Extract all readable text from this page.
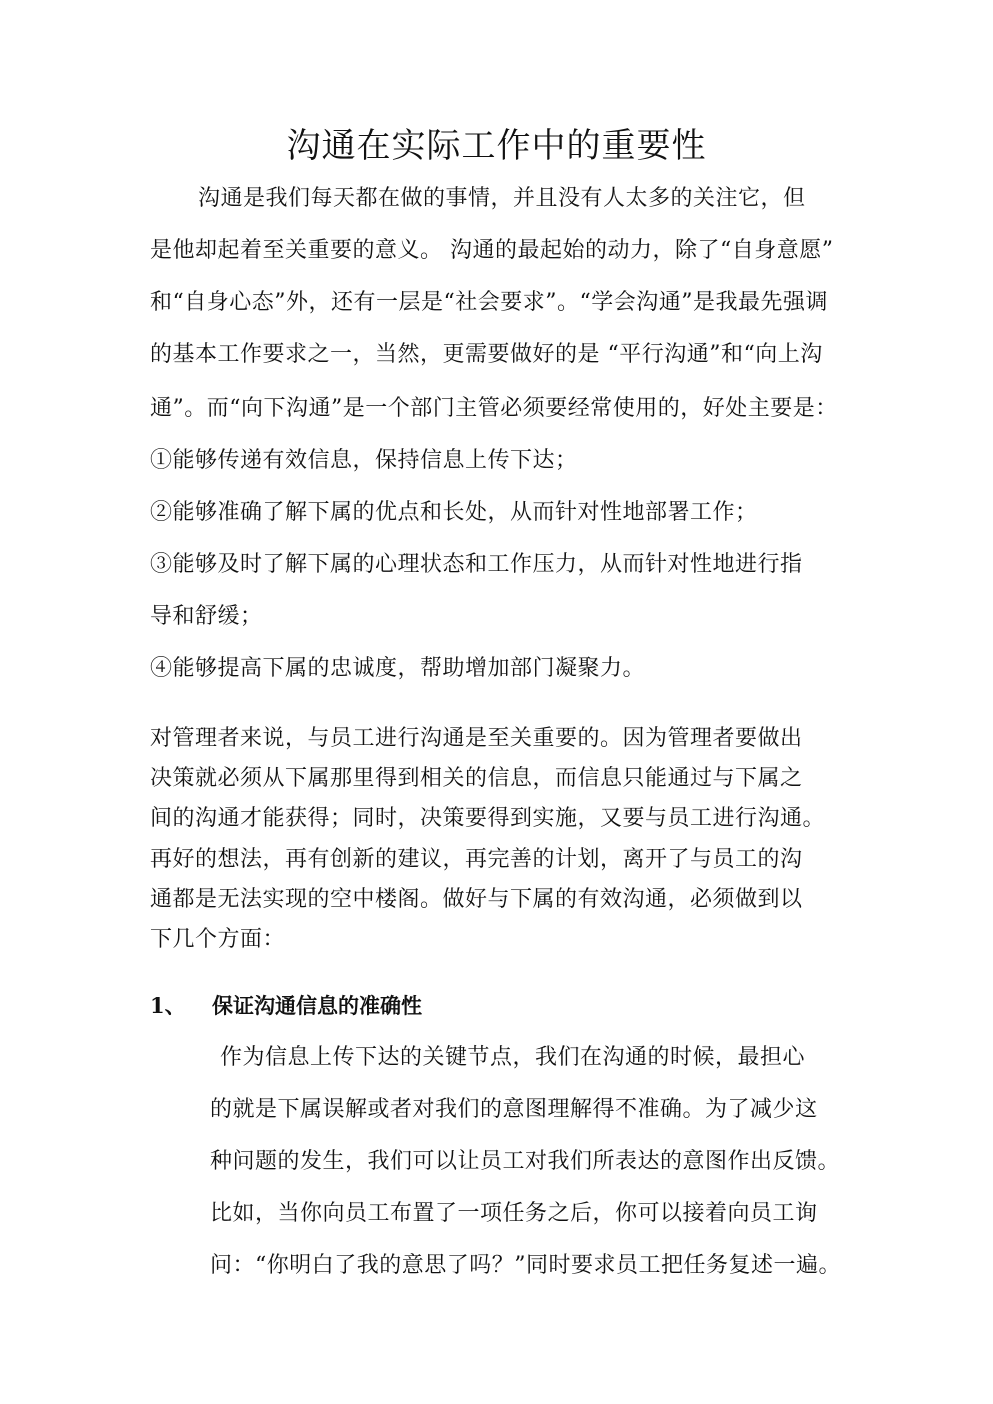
沟通在实际工作中的重要性
沟通是我们每天都在做的事情，并且没有人太多的关注它，但
是他却起着至关重要的意义。 沟通的最起始的动力，除了“自身意愿”
和“自身心态”外，还有一层是“社会要求”。“学会沟通”是我最先强调
的基本工作要求之一，当然，更需要做好的是 “平行沟通”和“向上沟
通”。而“向下沟通”是一个部门主管必须要经常使用的，好处主要是：
①能够传递有效信息，保持信息上传下达；
②能够准确了解下属的优点和长处，从而针对性地部署工作；
③能够及时了解下属的心理状态和工作压力，从而针对性地进行指
导和舒缓；
④能够提高下属的忠诚度，帮助增加部门凝聚力。
对管理者来说，与员工进行沟通是至关重要的。因为管理者要做出
决策就必须从下属那里得到相关的信息，而信息只能通过与下属之
间的沟通才能获得；同时，决策要得到实施，又要与员工进行沟通。
再好的想法，再有创新的建议，再完善的计划，离开了与员工的沟
通都是无法实现的空中楼阁。做好与下属的有效沟通，必须做到以
下几个方面：
1、 保证沟通信息的准确性
作为信息上传下达的关键节点，我们在沟通的时候，最担心
的就是下属误解或者对我们的意图理解得不准确。为了减少这
种问题的发生，我们可以让员工对我们所表达的意图作出反馈。
比如，当你向员工布置了一项任务之后，你可以接着向员工询
问：“你明白了我的意思了吗？”同时要求员工把任务复述一遍。
